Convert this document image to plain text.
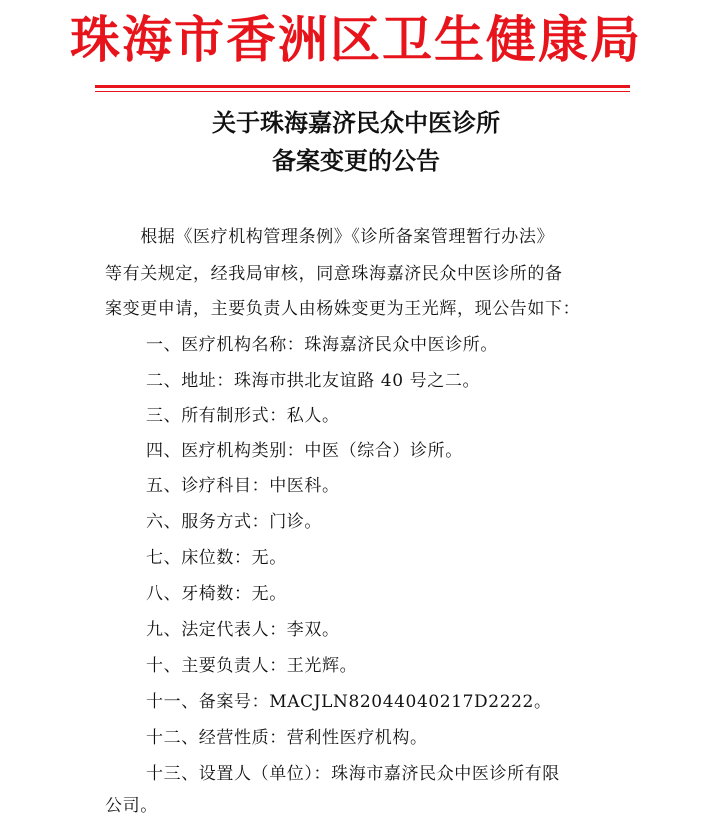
珠海市香洲区卫生健康局
关于珠海嘉济民众中医诊所
备案变更的公告
　　根据《医疗机构管理条例》《诊所备案管理暂行办法》
等有关规定，经我局审核，同意珠海嘉济民众中医诊所的备
案变更申请，主要负责人由杨姝变更为王光辉，现公告如下：
一、医疗机构名称：珠海嘉济民众中医诊所。
二、地址：珠海市拱北友谊路 40 号之二。
三、所有制形式：私人。
四、医疗机构类别：中医（综合）诊所。
五、诊疗科目：中医科。
六、服务方式：门诊。
七、床位数：无。
八、牙椅数：无。
九、法定代表人：李双。
十、主要负责人：王光辉。
十一、备案号：MACJLN82044040217D2222。
十二、经营性质：营利性医疗机构。
十三、设置人（单位）：珠海市嘉济民众中医诊所有限
公司。
